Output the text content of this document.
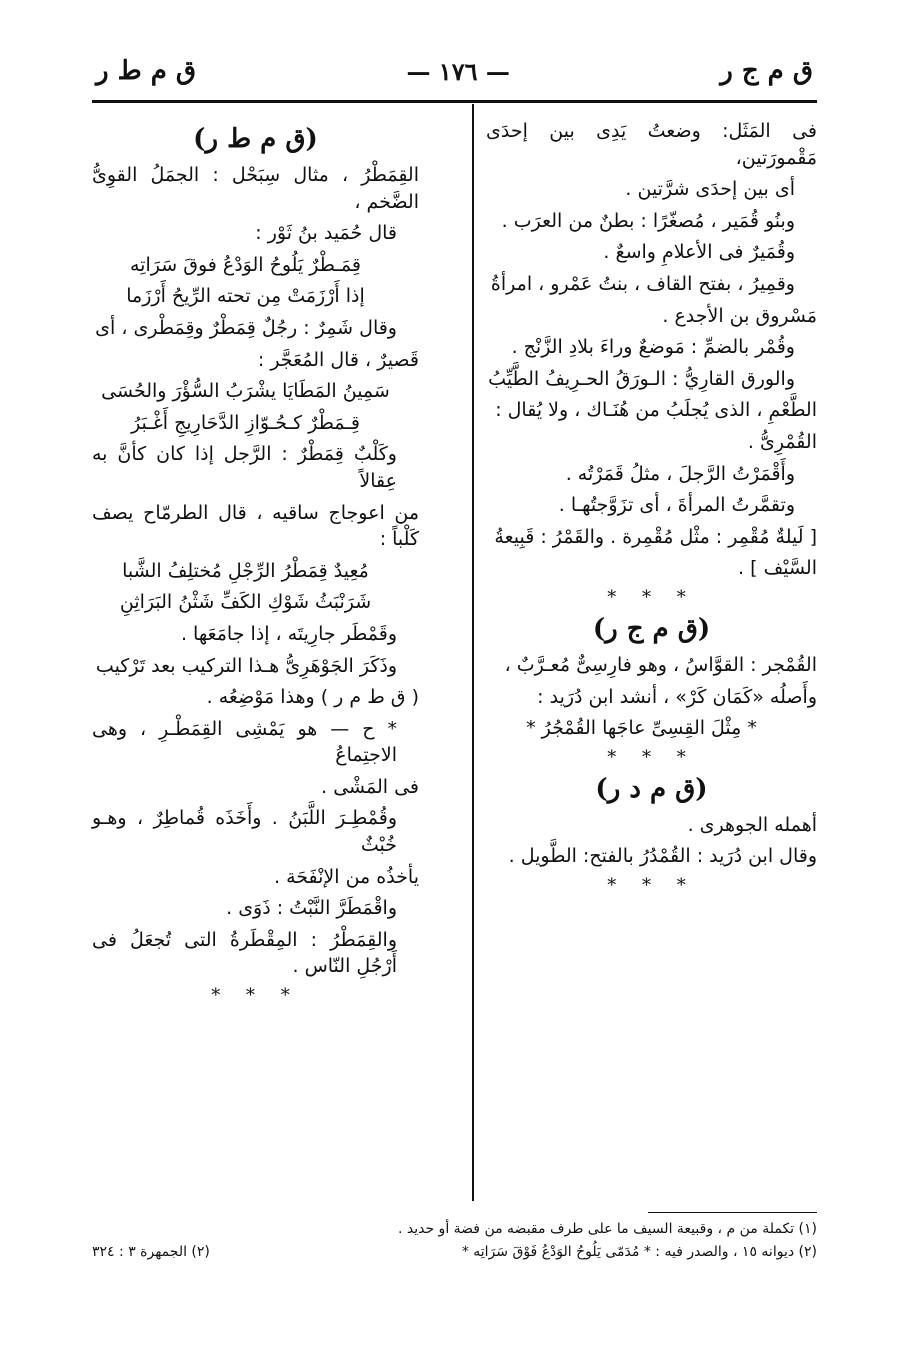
ق م ج ر
— ١٧٦ —
ق م ط ر
فى المَثَل: وضعتُ يَدِى بين إحدَى مَقْمورَتين،
أى بين إحدَى شرَّتين .
وبنُو قُمَير ، مُصغّرًا : بطنٌ من العرَب .
وقُمَيرٌ فى الأعلامِ واسعٌ .
وقمِيرُ ، بفتح القاف ، بنتُ عَمْرو ، امرأةُ
مَسْروق بن الأجدع .
وقُمْر بالضمِّ : مَوضعٌ وراءَ بلادِ الزَّنْج .
والورق القارِيُّ : الـورَقُ الحـرِيفُ الطَّيِّبُ
الطَّعْمِ ، الذى يُجلَبُ من هُنَـاك ، ولا يُقال :
القُمْرِىُّ .
وأَقْمَرْتُ الرَّجلَ ، مثلُ قَمَرْتُه .
وتقمَّرتُ المرأةَ ، أى تزَوَّجتُهـا .
[ لَيلةٌ مُقْمِر : مثْل مُقْمِرة . والقَمْرُ : قَبِيعةُ
السَّيْف ] .
* * *
(ق م ج ر)
القُمْجر : القوَّاسُ ، وهو فارِسِىٌّ مُعـرَّبٌ ،
وأَصلُه «كَمَان كَرْ» ، أنشد ابن دُرَيد :
* مِثْلَ القِسِىِّ عاجَها القُمْجُرُ *
* * *
(ق م د ر)
أهمله الجوهرى .
وقال ابن دُرَيد : القُمْدُرُ بالفتح: الطَّويل .
* * *
(ق م ط ر)
القِمَطْرُ ، مثال سِبَحْل : الجمَلُ القوِىُّ الضَّخم ،
قال حُمَيد بنُ ثَوْر :
قِمَـطْرٌ يَلُوحُ الوَدْعُ فوقَ سَرَاتِه
إذا أَرْزَمَتْ مِن تحته الرِّيحُ أَرْزَما
وقال شَمِرٌ : رجُلٌ قِمَطْرٌ وقِمَطْرى ، أى
قَصيرٌ ، قال المُعَجَّر :
سَمِينُ المَطَايَا يشْرَبُ السُّؤْرَ والحُسَى
قِـمَطْرٌ كـحُـوّازِ الدَّحَارِيجِ أَغْـبَرُ
وكَلْبٌ قِمَطْرٌ : الرَّجل إذا كان كأنَّ به عِقالاً
من اعوجاج ساقيه ، قال الطرمّاح يصف كَلْباً :
مُعِيدٌ قِمَطْرُ الرِّجْلِ مُختلِفُ الشَّبا
شَرَنْبَثُ شَوْكِ الكَفِّ شَثْنُ البَرَاثِنِ
وقَمْطَر جارِيتَه ، إذا جامَعَها .
وذَكَرَ الجَوْهَرِىُّ هـذا التركيب بعد تَرْكيب
( ق ط م ر ) وهذا مَوْضِعُه .
* ح — هو يَمْشِى القِمَطْـرِ ، وهى الاجتِماعُ
فى المَشْى .
وقُمْطِـرَ اللَّبَنُ . وأَخَذَه قُماطِرٌ ، وهـو خُبْثٌ
يأخذُه من الإنْفَحَة .
واقْمَطَرَّ النَّبْتُ : ذَوَى .
والقِمَطْرُ : المِقْطَرةُ التى تُجعَلُ فى أَرْجُلِ النّاس .
* * *
(١) تكملة من م ، وقبيعة السيف ما على طرف مقبضه من فضة أو حديد .
(٢) ديوانه ١٥ ، والصدر فيه : * مُدَمّى يَلُوحُ الوَدْعُ فَوْقَ سَرَاتِه *
(٢) الجمهرة ٣ : ٣٢٤
